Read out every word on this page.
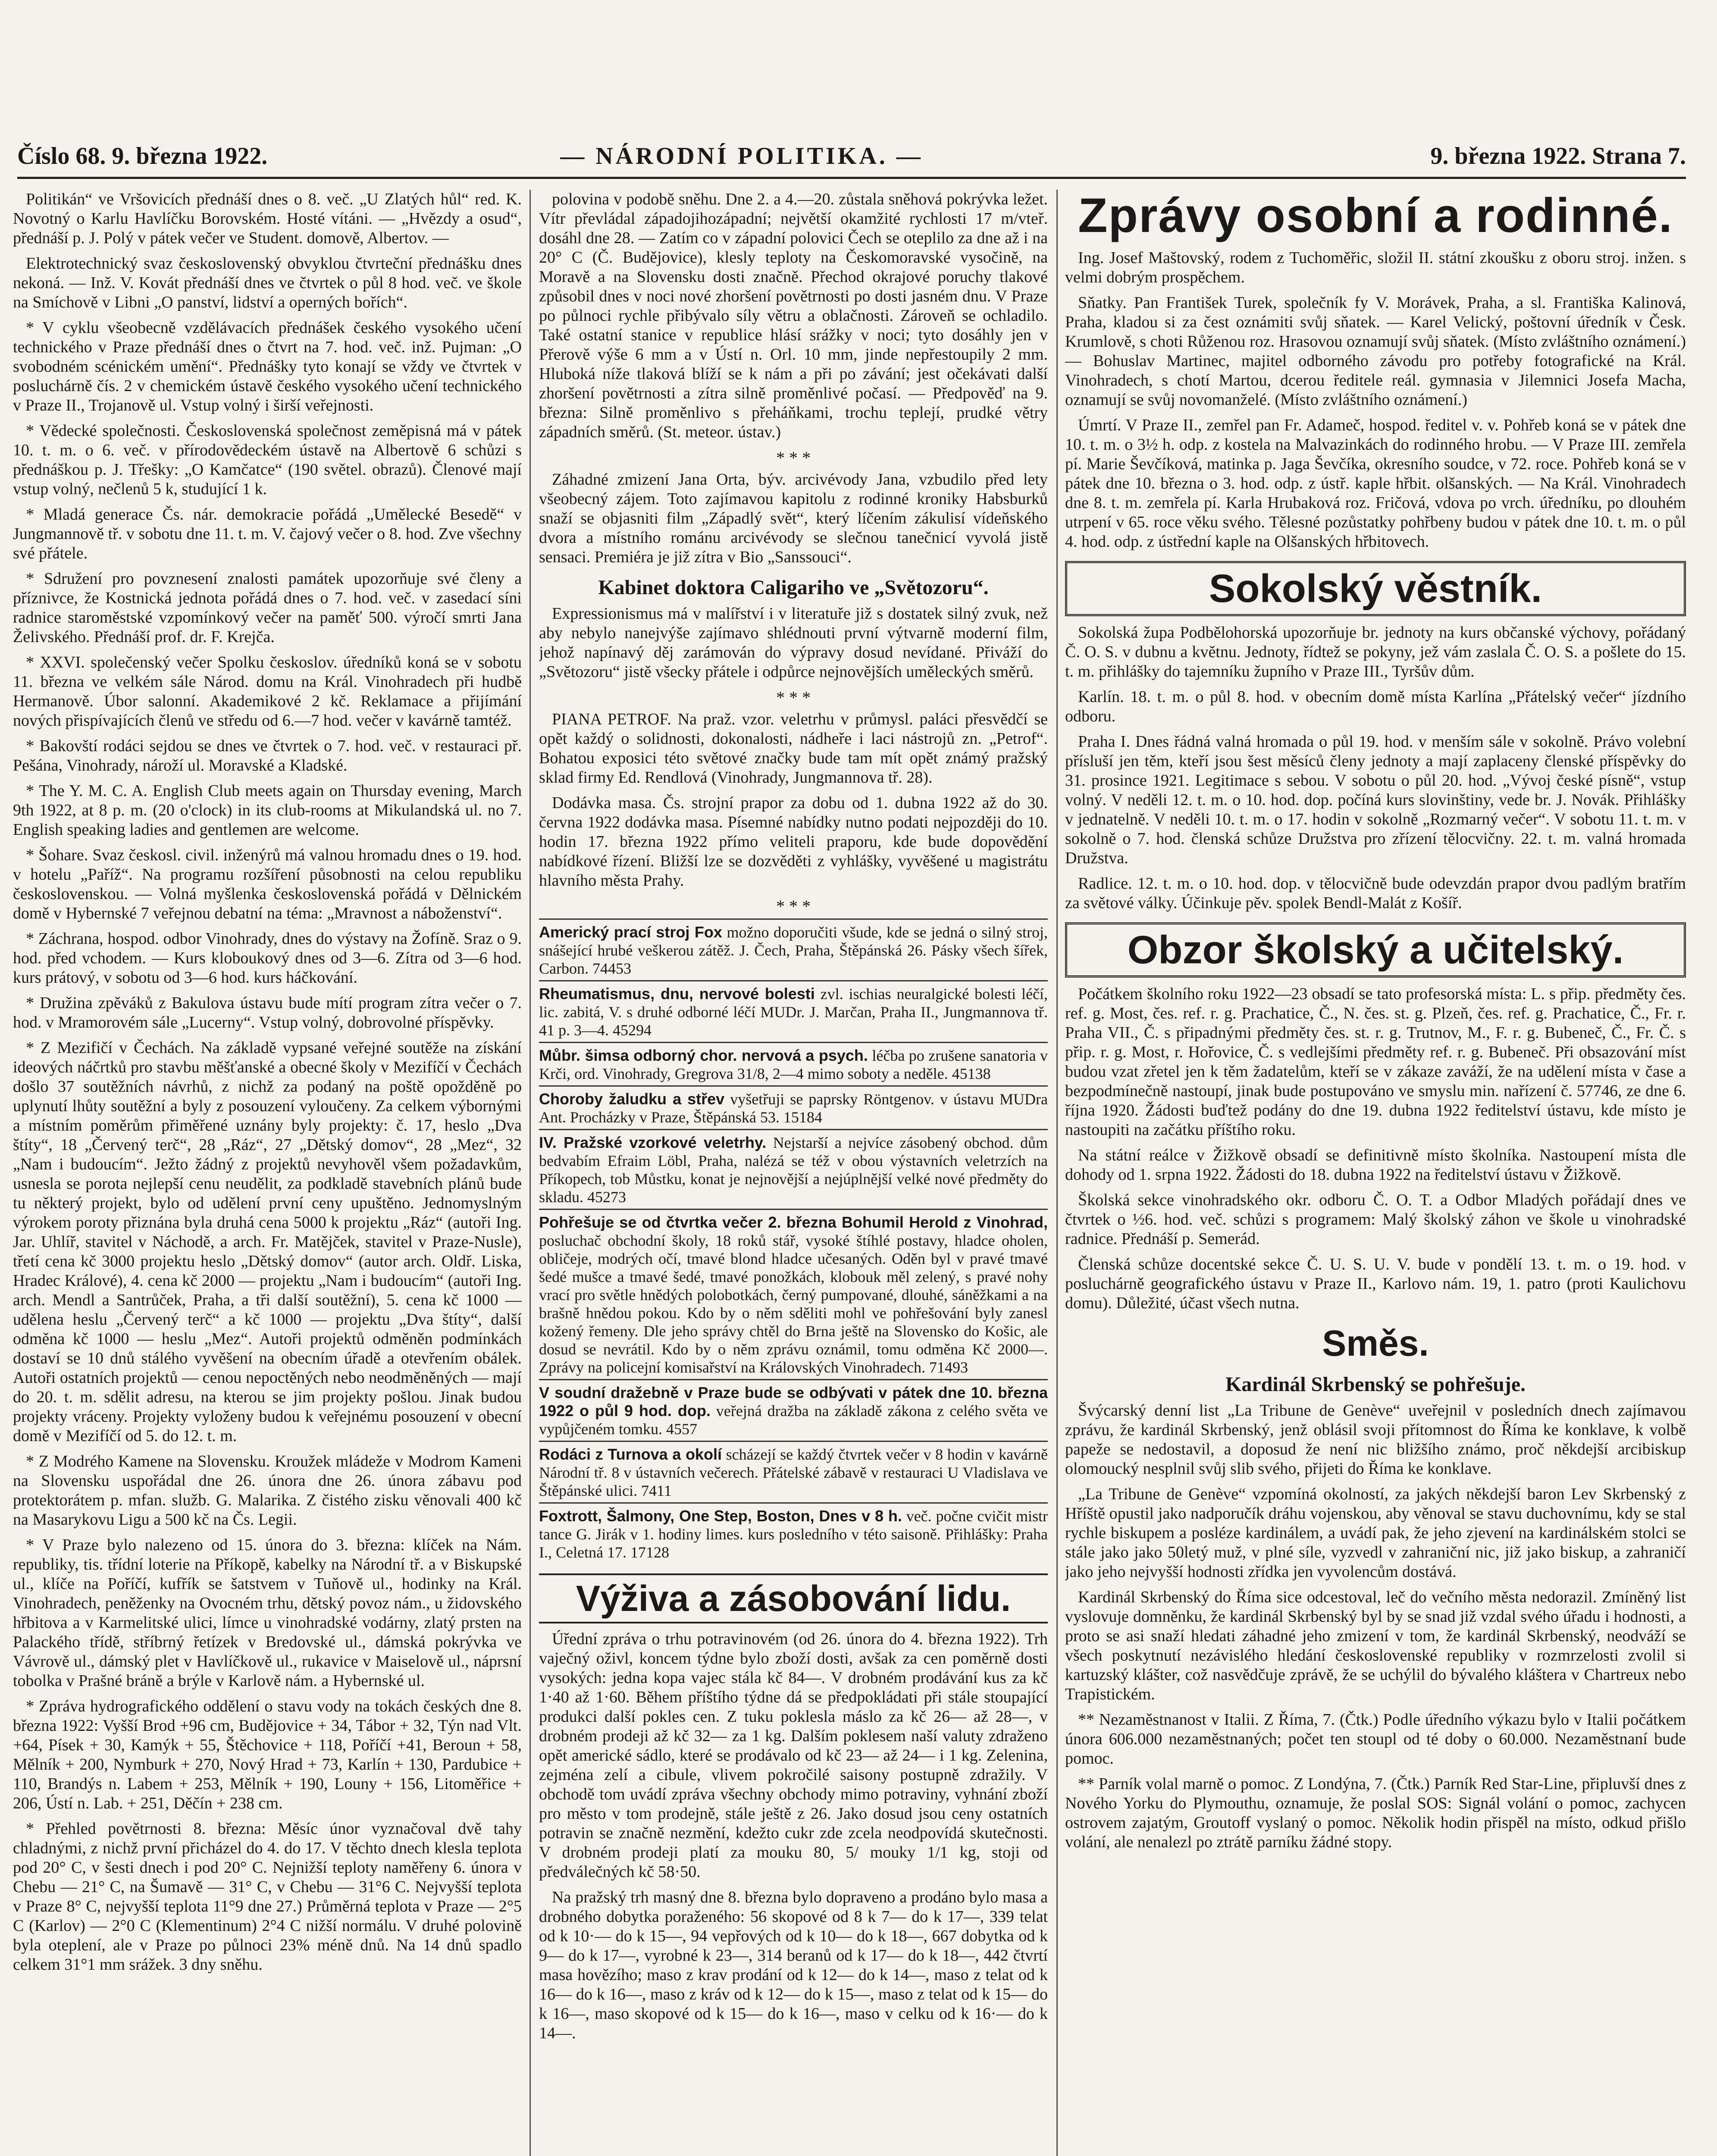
Číslo 68. 9. března 1922.	— NÁRODNÍ POLITIKA. —	9. března 1922. Strana 7.

Politikán“ ve Vršovicích přednáší dnes o 8. več. „U Zlatých hůl“ red. K. Novotný o Karlu Havlíčku Borovském. Hosté vítáni. — „Hvězdy a osud“, přednáší p. J. Polý v pátek večer ve Student. domově, Albertov. —

Elektrotechnický svaz československý obvyklou čtvrteční přednášku dnes nekoná. — Inž. V. Kovát přednáší dnes ve čtvrtek o půl 8 hod. več. ve škole na Smíchově v Libni „O panství, lidství a operných bořích“.

* V cyklu všeobecně vzdělávacích přednášek českého vysokého učení technického v Praze přednáší dnes o čtvrt na 7. hod. več. inž. Pujman: „O svobodném scénickém umění“. Přednášky tyto konají se vždy ve čtvrtek v posluchárně čís. 2 v chemickém ústavě českého vysokého učení technického v Praze II., Trojanově ul. Vstup volný i širší veřejnosti.

* Vědecké společnosti. Československá společnost zeměpisná má v pátek 10. t. m. o 6. več. v přírodovědeckém ústavě na Albertově 6 schůzi s přednáškou p. J. Třešky: „O Kamčatce“ (190 světel. obrazů). Členové mají vstup volný, nečlenů 5 k, studující 1 k.

* Mladá generace Čs. nár. demokracie pořádá „Umělecké Besedě“ v Jungmannově tř. v sobotu dne 11. t. m. V. čajový večer o 8. hod. Zve všechny své přátele.

* Sdružení pro povznesení znalosti památek upozorňuje své členy a příznivce, že Kostnická jednota pořádá dnes o 7. hod. več. v zasedací síni radnice staroměstské vzpomínkový večer na paměť 500. výročí smrti Jana Želivského. Přednáší prof. dr. F. Krejča.

* XXVI. společenský večer Spolku českoslov. úředníků koná se v sobotu 11. března ve velkém sále Národ. domu na Král. Vinohradech při hudbě Hermanově. Úbor salonní. Akademikové 2 kč. Reklamace a přijímání nových přispívajících členů ve středu od 6.—7 hod. večer v kavárně tamtéž.

* Bakovští rodáci sejdou se dnes ve čtvrtek o 7. hod. več. v restauraci př. Pešána, Vinohrady, nároží ul. Moravské a Kladské.

* The Y. M. C. A. English Club meets again on Thursday evening, March 9th 1922, at 8 p. m. (20 o'clock) in its club-rooms at Mikulandská ul. no 7. English speaking ladies and gentlemen are welcome.

* Šohare. Svaz českosl. civil. inženýrů má valnou hromadu dnes o 19. hod. v hotelu „Paříž“. Na programu rozšíření působnosti na celou republiku československou. — Volná myšlenka československá pořádá v Dělnickém domě v Hybernské 7 veřejnou debatní na téma: „Mravnost a náboženství“.

* Záchrana, hospod. odbor Vinohrady, dnes do výstavy na Žofíně. Sraz o 9. hod. před vchodem. — Kurs kloboukový dnes od 3—6. Zítra od 3—6 hod. kurs prátový, v sobotu od 3—6 hod. kurs háčkování.

* Družina zpěváků z Bakulova ústavu bude mítí program zítra večer o 7. hod. v Mramorovém sále „Lucerny“. Vstup volný, dobrovolné příspěvky.

* Z Mezifičí v Čechách. Na základě vypsané veřejné soutěže na získání ideových náčrtků pro stavbu měšťanské a obecné školy v Mezifíčí v Čechách došlo 37 soutěžních návrhů, z nichž za podaný na poště opožděně po uplynutí lhůty soutěžní a byly z posouzení vyloučeny. Za celkem výbornými a místním poměrům přiměřené uznány byly projekty: č. 17, heslo „Dva štíty“, 18 „Červený terč“, 28 „Ráz“, 27 „Dětský domov“, 28 „Mez“, 32 „Nam i budoucím“. Ježto žádný z projektů nevyhověl všem požadavkům, usnesla se porota nejlepší cenu neudělit, za podkladě stavebních plánů bude tu některý projekt, bylo od udělení první ceny upuštěno. Jednomyslným výrokem poroty přiznána byla druhá cena 5000 k projektu „Ráz“ (autoři Ing. Jar. Uhlíř, stavitel v Náchodě, a arch. Fr. Matějček, stavitel v Praze-Nusle), třetí cena kč 3000 projektu heslo „Dětský domov“ (autor arch. Oldř. Liska, Hradec Králové), 4. cena kč 2000 — projektu „Nam i budoucím“ (autoři Ing. arch. Mendl a Santrůček, Praha, a tři další soutěžní), 5. cena kč 1000 — udělena heslu „Červený terč“ a kč 1000 — projektu „Dva štíty“, další odměna kč 1000 — heslu „Mez“. Autoři projektů odměněn podmínkách dostaví se 10 dnů stálého vyvěšení na obecním úřadě a otevřením obálek. Autoři ostatních projektů — cenou nepoctěných nebo neodměněných — mají do 20. t. m. sdělit adresu, na kterou se jim projekty pošlou. Jinak budou projekty vráceny. Projekty vyloženy budou k veřejnému posouzení v obecní domě v Mezifíčí od 5. do 12. t. m.

* Z Modrého Kamene na Slovensku. Kroužek mládeže v Modrom Kameni na Slovensku uspořádal dne 26. února dne 26. února zábavu pod protektorátem p. mfan. služb. G. Malarika. Z čistého zisku věnovali 400 kč na Masarykovu Ligu a 500 kč na Čs. Legii.

* V Praze bylo nalezeno od 15. února do 3. března: klíček na Nám. republiky, tis. třídní loterie na Příkopě, kabelky na Národní tř. a v Biskupské ul., klíče na Poříčí, kufřík se šatstvem v Tuňově ul., hodinky na Král. Vinohradech, peněženky na Ovocném trhu, dětský povoz nám., u židovského hřbitova a v Karmelitské ulici, límce u vinohradské vodárny, zlatý prsten na Palackého třídě, stříbrný řetízek v Bredovské ul., dámská pokrývka ve Vávrově ul., dámský plet v Havlíčkově ul., rukavice v Maiselově ul., náprsní tobolka v Prašné bráně a brýle v Karlově nám. a Hybernské ul.

* Zpráva hydrografického oddělení o stavu vody na tokách českých dne 8. března 1922: Vyšší Brod +96 cm, Budějovice + 34, Tábor + 32, Týn nad Vlt. +64, Písek + 30, Kamýk + 55, Štěchovice + 118, Poříčí +41, Beroun + 58, Mělník + 200, Nymburk + 270, Nový Hrad + 73, Karlín + 130, Pardubice + 110, Brandýs n. Labem + 253, Mělník + 190, Louny + 156, Litoměřice + 206, Ústí n. Lab. + 251, Děčín + 238 cm.

* Přehled povětrnosti 8. března: Měsíc únor vyznačoval dvě tahy chladnými, z nichž první přicházel do 4. do 17. V těchto dnech klesla teplota pod 20° C, v šesti dnech i pod 20° C. Nejnižší teploty naměřeny 6. února v Chebu — 21° C, na Šumavě — 31° C, v Chebu — 31°6 C. Nejvyšší teplota v Praze 8° C, nejvyšší teplota 11°9 dne 27.) Průměrná teplota v Praze — 2°5 C (Karlov) — 2°0 C (Klementinum) 2°4 C nižší normálu. V druhé polovině byla oteplení, ale v Praze po půlnoci 23% méně dnů. Na 14 dnů spadlo celkem 31°1 mm srážek. 3 dny sněhu.

polovina v podobě sněhu. Dne 2. a 4.—20. zůstala sněhová pokrývka ležet. Vítr převládal západojihozápadní; největší okamžité rychlosti 17 m/vteř. dosáhl dne 28. — Zatím co v západní polovici Čech se oteplilo za dne až i na 20° C (Č. Budějovice), klesly teploty na Českomoravské vysočině, na Moravě a na Slovensku dosti značně. Přechod okrajové poruchy tlakové způsobil dnes v noci nové zhoršení povětrnosti po dosti jasném dnu. V Praze po půlnoci rychle přibývalo síly větru a oblačnosti. Zároveň se ochladilo. Také ostatní stanice v republice hlásí srážky v noci; tyto dosáhly jen v Přerově výše 6 mm a v Ústí n. Orl. 10 mm, jinde nepřestoupily 2 mm. Hluboká níže tlaková blíží se k nám a při po závání; jest očekávati další zhoršení povětrnosti a zítra silně proměnlivé počasí. — Předpověď na 9. března: Silně proměnlivo s přeháňkami, trochu teplejí, prudké větry západních směrů. (St. meteor. ústav.)

* * *

Záhadné zmizení Jana Orta, býv. arcivévody Jana, vzbudilo před lety všeobecný zájem. Toto zajímavou kapitolu z rodinné kroniky Habsburků snaží se objasniti film „Západlý svět“, který líčením zákulisí vídeňského dvora a místního románu arcivévody se slečnou tanečnicí vyvolá jistě sensaci. Premiéra je již zítra v Bio „Sanssouci“.

Kabinet doktora Caligariho ve „Světozoru“.

Expressionismus má v malířství i v literatuře již s dostatek silný zvuk, než aby nebylo nanejvýše zajímavo shlédnouti první výtvarně moderní film, jehož napínavý děj zarámován do výpravy dosud nevídané. Přiváží do „Světozoru“ jistě všecky přátele i odpůrce nejnovějších uměleckých směrů.

* * *

PIANA PETROF. Na praž. vzor. veletrhu v průmysl. paláci přesvědčí se opět každý o solidnosti, dokonalosti, nádheře i laci nástrojů zn. „Petrof“. Bohatou exposici této světové značky bude tam mít opět známý pražský sklad firmy Ed. Rendlová (Vinohrady, Jungmannova tř. 28).

Dodávka masa. Čs. strojní prapor za dobu od 1. dubna 1922 až do 30. června 1922 dodávka masa. Písemné nabídky nutno podati nejpozději do 10. hodin 17. března 1922 přímo veliteli praporu, kde bude dopovědění nabídkové řízení. Bližší lze se dozvěděti z vyhlášky, vyvěšené u magistrátu hlavního města Prahy.

* * *

Americký prací stroj Fox možno doporučiti všude, kde se jedná o silný stroj, snášející hrubé veškerou zátěž. J. Čech, Praha, Štěpánská 26. Pásky všech šířek, Carbon. 74453

Rheumatismus, dnu, nervové bolesti zvl. ischias neuralgické bolesti léčí, lic. zabitá, V. s druhé odborné léčí MUDr. J. Marčan, Praha II., Jungmannova tř. 41 p. 3—4. 45294

Můbr. šimsa odborný chor. nervová a psych. léčba po zrušene sanatoria v Krči, ord. Vinohrady, Gregrova 31/8, 2—4 mimo soboty a neděle. 45138

Choroby žaludku a střev vyšetřuji se paprsky Röntgenov. v ústavu MUDra Ant. Procházky v Praze, Štěpánská 53. 15184

IV. Pražské vzorkové veletrhy. Nejstarší a nejvíce zásobený obchod. dům bedvabím Efraim Löbl, Praha, nalézá se též v obou výstavních veletrzích na Příkopech, tob Můstku, konat je nejnovější a nejúplnější velké nové předměty do skladu. 45273

Pohřešuje se od čtvrtka večer 2. března Bohumil Herold z Vinohrad, posluchač obchodní školy, 18 roků stář, vysoké štíhlé postavy, hladce oholen, obličeje, modrých očí, tmavé blond hladce učesaných. Oděn byl v pravé tmavé šedé mušce a tmavé šedé, tmavé ponožkách, klobouk měl zelený, s pravé nohy vrací pro světle hnědých polobotkách, černý pumpované, dlouhé, sáněžkami a na brašně hnědou pokou. Kdo by o něm sděliti mohl ve pohřešování byly zanesl kožený řemeny. Dle jeho správy chtěl do Brna ještě na Slovensko do Košic, ale dosud se nevrátil. Kdo by o něm zprávu oznámil, tomu odměna Kč 2000—. Zprávy na policejní komisařství na Královských Vinohradech. 71493

V soudní dražebně v Praze bude se odbývati v pátek dne 10. března 1922 o půl 9 hod. dop. veřejná dražba na základě zákona z celého světa ve vypůjčeném tomku. 4557

Rodáci z Turnova a okolí scházejí se každý čtvrtek večer v 8 hodin v kavárně Národní tř. 8 v ústavních večerech. Přátelské zábavě v restauraci U Vladislava ve Štěpánské ulici. 7411

Foxtrott, Šalmony, One Step, Boston, Dnes v 8 h. več. počne cvičit mistr tance G. Jirák v 1. hodiny limes. kurs posledního v této saisoně. Přihlášky: Praha I., Celetná 17. 17128

Výživa a zásobování lidu.

Úřední zpráva o trhu potravinovém (od 26. února do 4. března 1922). Trh vaječný oživl, koncem týdne bylo zboží dosti, avšak za cen poměrně dosti vysokých: jedna kopa vajec stála kč 84—. V drobném prodávání kus za kč 1·40 až 1·60. Během příštího týdne dá se předpokládati při stále stoupající produkci další pokles cen. Z tuku poklesla máslo za kč 26— až 28—, v drobném prodeji až kč 32— za 1 kg. Dalším poklesem naší valuty zdraženo opět americké sádlo, které se prodávalo od kč 23— až 24— i 1 kg. Zelenina, zejména zelí a cibule, vlivem pokročilé saisony postupně zdražily. V obchodě tom uvádí zpráva všechny obchody mimo potraviny, vyhnání zboží pro město v tom prodejně, stále ještě z 26. Jako dosud jsou ceny ostatních potravin se značně nezmění, kdežto cukr zde zcela neodpovídá skutečnosti. V drobném prodeji platí za mouku 80, 5/ mouky 1/1 kg, stoji od předválečných kč 58·50.

Na pražský trh masný dne 8. března bylo dopraveno a prodáno bylo masa a drobného dobytka poraženého: 56 skopové od 8 k 7— do k 17—, 339 telat od k 10·— do k 15—, 94 vepřových od k 10— do k 18—, 667 dobytka od k 9— do k 17—, vyrobné k 23—, 314 beranů od k 17— do k 18—, 442 čtvrtí masa hovězího; maso z krav prodání od k 12— do k 14—, maso z telat od k 16— do k 16—, maso z kráv od k 12— do k 15—, maso z telat od k 15— do k 16—, maso skopové od k 15— do k 16—, maso v celku od k 16·— do k 14—.

Zprávy osobní a rodinné.

Ing. Josef Maštovský, rodem z Tuchoměřic, složil II. státní zkoušku z oboru stroj. inžen. s velmi dobrým prospěchem.

Sňatky. Pan František Turek, společník fy V. Morávek, Praha, a sl. Františka Kalinová, Praha, kladou si za čest oznámiti svůj sňatek. — Karel Velický, poštovní úředník v Česk. Krumlově, s choti Růženou roz. Hrasovou oznamují svůj sňatek. (Místo zvláštního oznámení.) — Bohuslav Martinec, majitel odborného závodu pro potřeby fotografické na Král. Vinohradech, s chotí Martou, dcerou ředitele reál. gymnasia v Jilemnici Josefa Macha, oznamují se svůj novomanželé. (Místo zvláštního oznámení.)

Úmrtí. V Praze II., zemřel pan Fr. Adameč, hospod. ředitel v. v. Pohřeb koná se v pátek dne 10. t. m. o 3½ h. odp. z kostela na Malvazinkách do rodinného hrobu. — V Praze III. zemřela pí. Marie Ševčíková, matinka p. Jaga Ševčíka, okresního soudce, v 72. roce. Pohřeb koná se v pátek dne 10. března o 3. hod. odp. z ústř. kaple hřbit. olšanských. — Na Král. Vinohradech dne 8. t. m. zemřela pí. Karla Hrubaková roz. Fričová, vdova po vrch. úředníku, po dlouhém utrpení v 65. roce věku svého. Tělesné pozůstatky pohřbeny budou v pátek dne 10. t. m. o půl 4. hod. odp. z ústřední kaple na Olšanských hřbitovech.

Sokolský věstník.

Sokolská župa Podbělohorská upozorňuje br. jednoty na kurs občanské výchovy, pořádaný Č. O. S. v dubnu a květnu. Jednoty, řídtež se pokyny, jež vám zaslala Č. O. S. a pošlete do 15. t. m. přihlášky do tajemníku župního v Praze III., Tyršův dům.

Karlín. 18. t. m. o půl 8. hod. v obecním domě místa Karlína „Přátelský večer“ jízdního odboru.

Praha I. Dnes řádná valná hromada o půl 19. hod. v menším sále v sokolně. Právo volební přísluší jen těm, kteří jsou šest měsíců členy jednoty a mají zaplaceny členské příspěvky do 31. prosince 1921. Legitimace s sebou. V sobotu o půl 20. hod. „Vývoj české písně“, vstup volný. V neděli 12. t. m. o 10. hod. dop. počíná kurs slovinštiny, vede br. J. Novák. Přihlášky v jednatelně. V neděli 10. t. m. o 17. hodin v sokolně „Rozmarný večer“. V sobotu 11. t. m. v sokolně o 7. hod. členská schůze Družstva pro zřízení tělocvičny. 22. t. m. valná hromada Družstva.

Radlice. 12. t. m. o 10. hod. dop. v tělocvičně bude odevzdán prapor dvou padlým bratřím za světové války. Účinkuje pěv. spolek Bendl-Malát z Košíř.

Obzor školský a učitelský.

Počátkem školního roku 1922—23 obsadí se tato profesorská místa: L. s přip. předměty čes. ref. g. Most, čes. ref. r. g. Prachatice, Č., N. čes. st. g. Plzeň, čes. ref. g. Prachatice, Č., Fr. r. Praha VII., Č. s připadnými předměty čes. st. r. g. Trutnov, M., F. r. g. Bubeneč, Č., Fr. Č. s přip. r. g. Most, r. Hořovice, Č. s vedlejšími předměty ref. r. g. Bubeneč. Při obsazování míst budou vzat zřetel jen k těm žadatelům, kteří se v zákaze zaváží, že na udělení místa v čase a bezpodmínečně nastoupí, jinak bude postupováno ve smyslu min. nařízení č. 57746, ze dne 6. října 1920. Žádosti buďtež podány do dne 19. dubna 1922 ředitelství ústavu, kde místo je nastoupiti na začátku příštího roku.

Na státní reálce v Žižkově obsadí se definitivně místo školníka. Nastoupení místa dle dohody od 1. srpna 1922. Žádosti do 18. dubna 1922 na ředitelství ústavu v Žižkově.

Školská sekce vinohradského okr. odboru Č. O. T. a Odbor Mladých pořádají dnes ve čtvrtek o ½6. hod. več. schůzi s programem: Malý školský záhon ve škole u vinohradské radnice. Přednáší p. Semerád.

Členská schůze docentské sekce Č. U. S. U. V. bude v pondělí 13. t. m. o 19. hod. v posluchárně geografického ústavu v Praze II., Karlovo nám. 19, 1. patro (proti Kaulichovu domu). Důležité, účast všech nutna.

Směs.
Kardinál Skrbenský se pohřešuje.

Švýcarský denní list „La Tribune de Genève“ uveřejnil v posledních dnech zajímavou zprávu, že kardinál Skrbenský, jenž oblásil svoji přítomnost do Říma ke konklave, k volbě papeže se nedostavil, a doposud že není nic bližšího známo, proč někdejší arcibiskup olomoucký nesplnil svůj slib svého, přijeti do Říma ke konklave.

„La Tribune de Genève“ vzpomíná okolností, za jakých někdejší baron Lev Skrbenský z Hříště opustil jako nadporučík dráhu vojenskou, aby věnoval se stavu duchovnímu, kdy se stal rychle biskupem a posléze kardinálem, a uvádí pak, že jeho zjevení na kardinálském stolci se stále jako jako 50letý muž, v plné síle, vyzvedl v zahraniční nic, již jako biskup, a zahraničí jako jeho nejvyšší hodnosti zřídka jen vyvolencům dostává.

Kardinál Skrbenský do Říma sice odcestoval, leč do večního města nedorazil. Zmíněný list vyslovuje domněnku, že kardinál Skrbenský byl by se snad již vzdal svého úřadu i hodnosti, a proto se asi snaží hledati záhadné jeho zmizení v tom, že kardinál Skrbenský, neodváží se všech poskytnutí nezávislého hledání československé republiky v rozmrzelosti zvolil si kartuzský klášter, což nasvědčuje zprávě, že se uchýlil do bývalého kláštera v Chartreux nebo Trapistickém.

** Nezaměstnanost v Italii. Z Říma, 7. (Čtk.) Podle úředního výkazu bylo v Italii počátkem února 606.000 nezaměstnaných; počet ten stoupl od té doby o 60.000. Nezaměstnaní bude pomoc.

** Parník volal marně o pomoc. Z Londýna, 7. (Čtk.) Parník Red Star-Line, připluvší dnes z Nového Yorku do Plymouthu, oznamuje, že poslal SOS: Signál volání o pomoc, zachycen ostrovem zajatým, Groutoff vyslaný o pomoc. Několik hodin přispěl na místo, odkud přišlo volání, ale nenalezl po ztrátě parníku žádné stopy.
